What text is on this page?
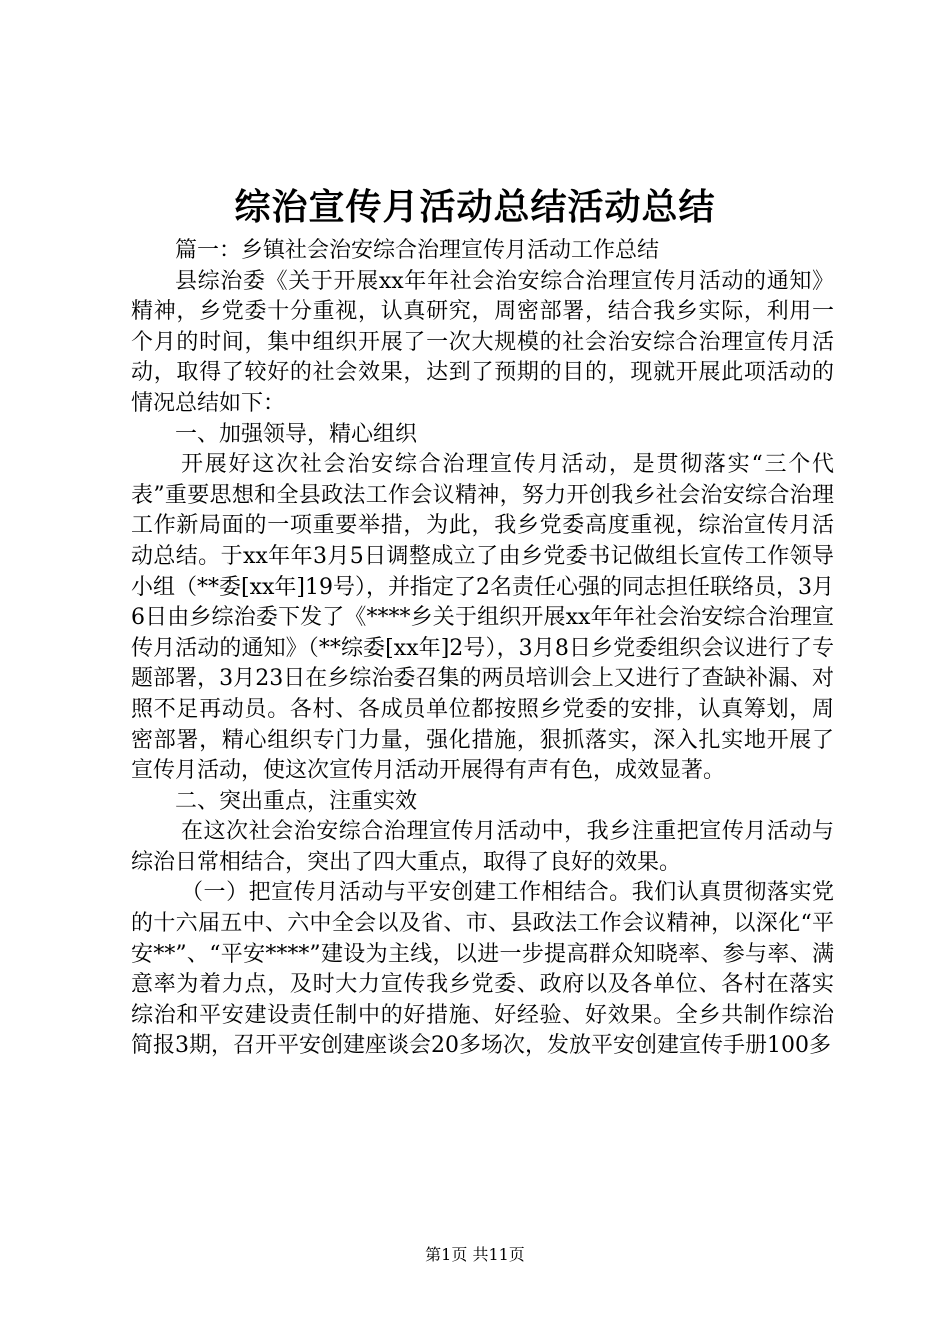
综治宣传月活动总结活动总结

篇一：乡镇社会治安综合治理宣传月活动工作总结

县综治委《关于开展xx年年社会治安综合治理宣传月活动的通知》精神，乡党委十分重视，认真研究，周密部署，结合我乡实际，利用一个月的时间，集中组织开展了一次大规模的社会治安综合治理宣传月活动，取得了较好的社会效果，达到了预期的目的，现就开展此项活动的情况总结如下：

一、加强领导，精心组织

开展好这次社会治安综合治理宣传月活动，是贯彻落实“三个代表”重要思想和全县政法工作会议精神，努力开创我乡社会治安综合治理工作新局面的一项重要举措，为此，我乡党委高度重视，综治宣传月活动总结。于xx年年3月5日调整成立了由乡党委书记做组长宣传工作领导小组（**委[xx年]19号），并指定了2名责任心强的同志担任联络员，3月6日由乡综治委下发了《****乡关于组织开展xx年年社会治安综合治理宣传月活动的通知》（**综委[xx年]2号），3月8日乡党委组织会议进行了专题部署，3月23日在乡综治委召集的两员培训会上又进行了查缺补漏、对照不足再动员。各村、各成员单位都按照乡党委的安排，认真筹划，周密部署，精心组织专门力量，强化措施，狠抓落实，深入扎实地开展了宣传月活动，使这次宣传月活动开展得有声有色，成效显著。

二、突出重点，注重实效

在这次社会治安综合治理宣传月活动中，我乡注重把宣传月活动与综治日常相结合，突出了四大重点，取得了良好的效果。

（一）把宣传月活动与平安创建工作相结合。我们认真贯彻落实党的十六届五中、六中全会以及省、市、县政法工作会议精神，以深化“平安**”、“平安****”建设为主线，以进一步提高群众知晓率、参与率、满意率为着力点，及时大力宣传我乡党委、政府以及各单位、各村在落实综治和平安建设责任制中的好措施、好经验、好效果。全乡共制作综治简报3期，召开平安创建座谈会20多场次，发放平安创建宣传手册100多

第1页 共11页
